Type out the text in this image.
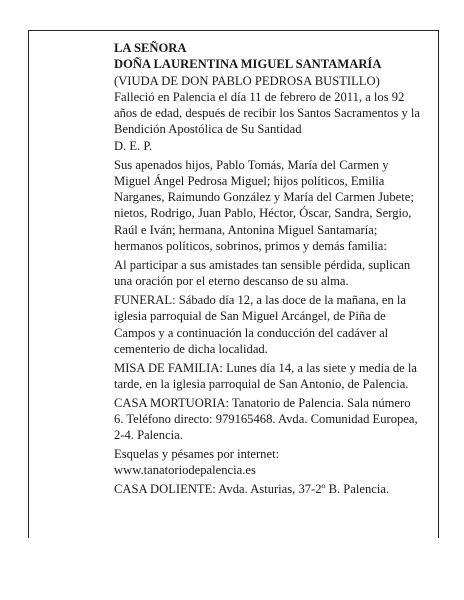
LA SEÑORA
DOÑA LAURENTINA MIGUEL SANTAMARÍA
(VIUDA DE DON PABLO PEDROSA BUSTILLO)

Falleció en Palencia el día 11 de febrero de 2011, a los 92 años de edad, después de recibir los Santos Sacramentos y la Bendición Apostólica de Su Santidad

D. E. P.

Sus apenados hijos, Pablo Tomás, María del Carmen y Miguel Ángel Pedrosa Miguel; hijos políticos, Emilia Narganes, Raimundo González y María del Carmen Jubete; nietos, Rodrigo, Juan Pablo, Héctor, Óscar, Sandra, Sergio, Raúl e Iván; hermana, Antonina Miguel Santamaría; hermanos políticos, sobrinos, primos y demás familia:

Al participar a sus amistades tan sensible pérdida, suplican una oración por el eterno descanso de su alma.

FUNERAL: Sábado día 12, a las doce de la mañana, en la iglesia parroquial de San Miguel Arcángel, de Piña de Campos y a continuación la conducción del cadáver al cementerio de dicha localidad.

MISA DE FAMILIA: Lunes día 14, a las siete y media de la tarde, en la iglesia parroquial de San Antonio, de Palencia.

CASA MORTUORIA: Tanatorio de Palencia. Sala número 6. Teléfono directo: 979165468. Avda. Comunidad Europea, 2-4. Palencia.

Esquelas y pésames por internet:
www.tanatoriodepalencia.es

CASA DOLIENTE: Avda. Asturias, 37-2º B. Palencia.
